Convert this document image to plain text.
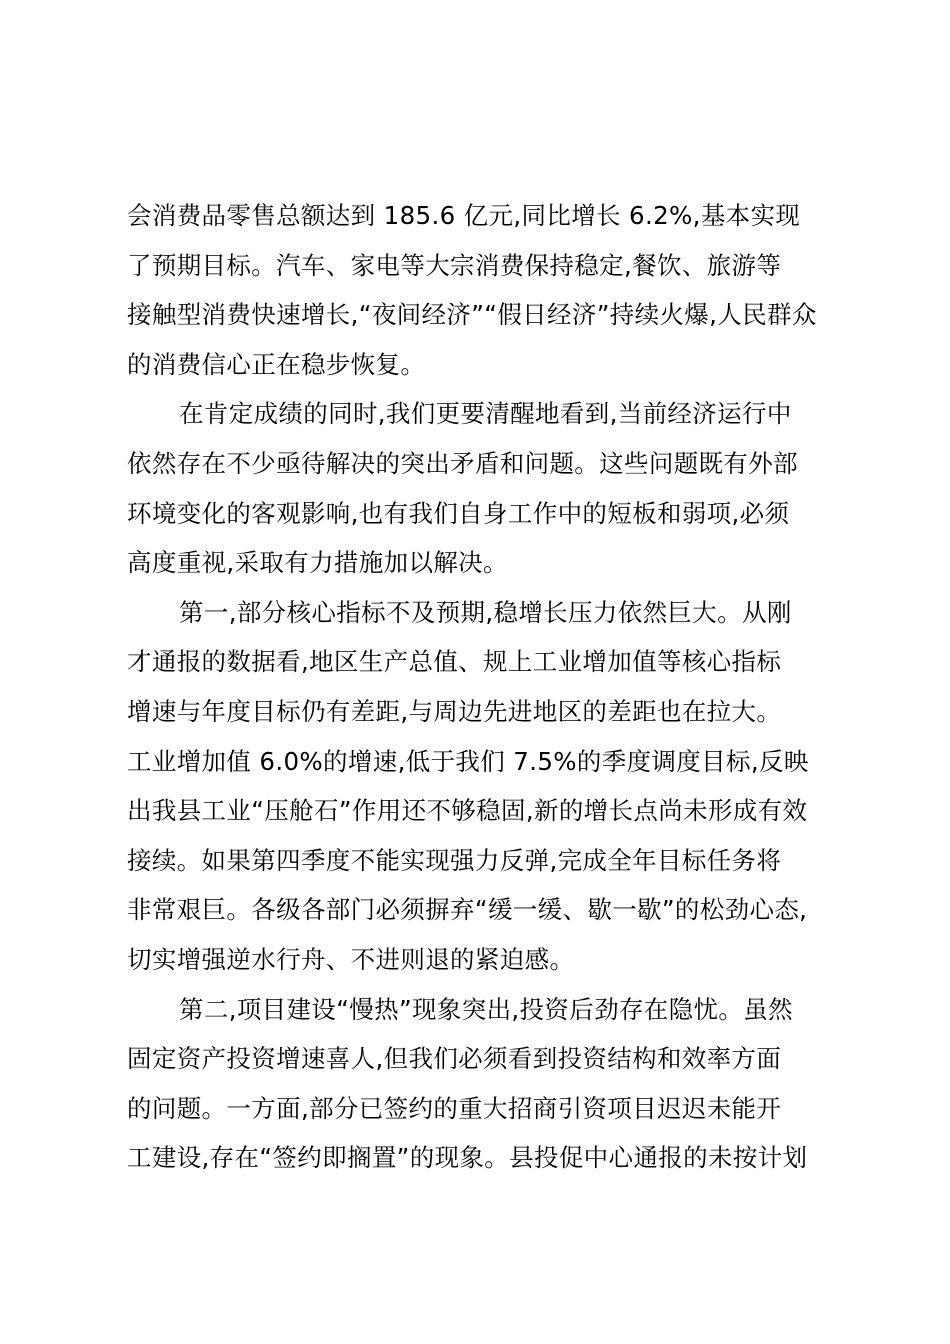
会消费品零售总额达到 185.6 亿元,同比增长 6.2%,基本实现
了预期目标。汽车、家电等大宗消费保持稳定,餐饮、旅游等
接触型消费快速增长,“夜间经济”“假日经济”持续火爆,人民群众
的消费信心正在稳步恢复。
在肯定成绩的同时,我们更要清醒地看到,当前经济运行中
依然存在不少亟待解决的突出矛盾和问题。这些问题既有外部
环境变化的客观影响,也有我们自身工作中的短板和弱项,必须
高度重视,采取有力措施加以解决。
第一,部分核心指标不及预期,稳增长压力依然巨大。从刚
才通报的数据看,地区生产总值、规上工业增加值等核心指标
增速与年度目标仍有差距,与周边先进地区的差距也在拉大。
工业增加值 6.0%的增速,低于我们 7.5%的季度调度目标,反映
出我县工业“压舱石”作用还不够稳固,新的增长点尚未形成有效
接续。如果第四季度不能实现强力反弹,完成全年目标任务将
非常艰巨。各级各部门必须摒弃“缓一缓、歇一歇”的松劲心态,
切实增强逆水行舟、不进则退的紧迫感。
第二,项目建设“慢热”现象突出,投资后劲存在隐忧。虽然
固定资产投资增速喜人,但我们必须看到投资结构和效率方面
的问题。一方面,部分已签约的重大招商引资项目迟迟未能开
工建设,存在“签约即搁置”的现象。县投促中心通报的未按计划
